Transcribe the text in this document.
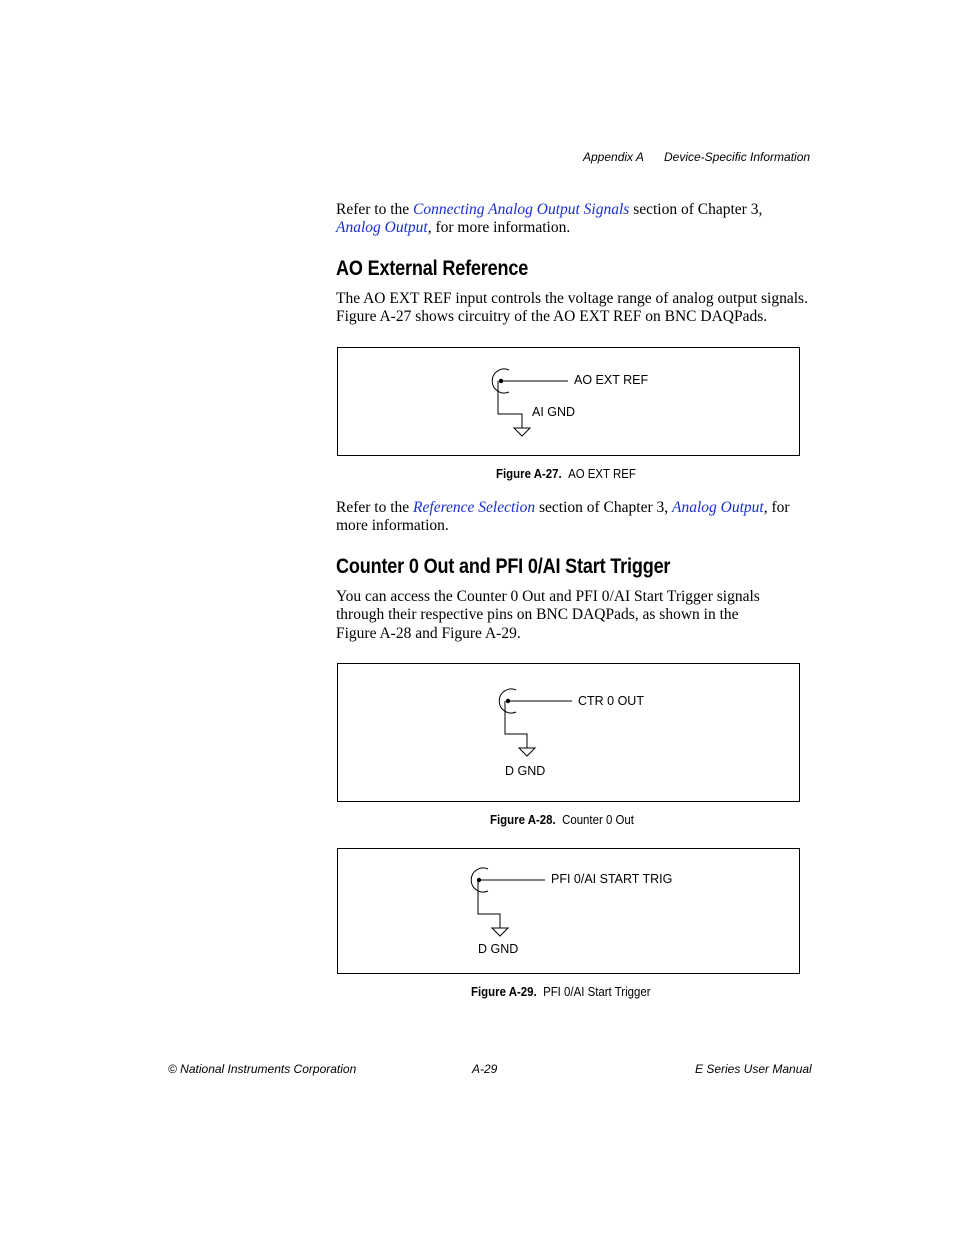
Appendix A Device-Specific Information
Refer to the Connecting Analog Output Signals section of Chapter 3,
Analog Output, for more information.
AO External Reference
The AO EXT REF input controls the voltage range of analog output signals.
Figure A-27 shows circuitry of the AO EXT REF on BNC DAQPads.
AO EXT REF
AI GND
Figure A-27. AO EXT REF
Refer to the Reference Selection section of Chapter 3, Analog Output, for
more information.
Counter 0 Out and PFI 0/AI Start Trigger
You can access the Counter 0 Out and PFI 0/AI Start Trigger signals
through their respective pins on BNC DAQPads, as shown in the
Figure A-28 and Figure A-29.
CTR 0 OUT
D GND
Figure A-28. Counter 0 Out
PFI 0/AI START TRIG
D GND
Figure A-29. PFI 0/AI Start Trigger
© National Instruments Corporation	A-29	E Series User Manual
